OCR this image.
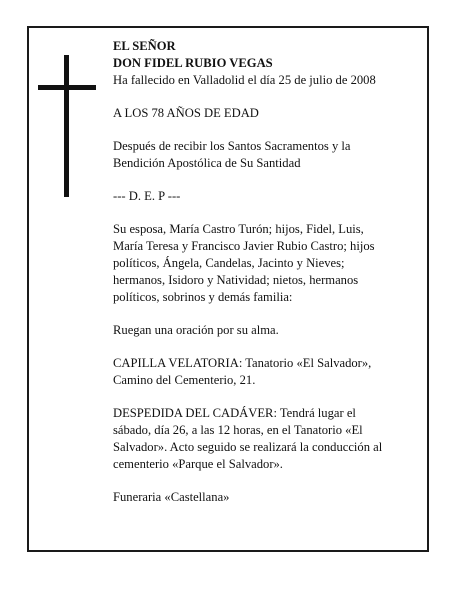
EL SEÑOR

DON FIDEL RUBIO VEGAS

Ha fallecido en Valladolid el día 25 de julio de 2008

A LOS 78 AÑOS DE EDAD

Después de recibir los Santos Sacramentos y la

Bendición Apostólica de Su Santidad

--- D. E. P ---

Su esposa, María Castro Turón; hijos, Fidel, Luis,

María Teresa y Francisco Javier Rubio Castro; hijos

políticos, Ángela, Candelas, Jacinto y Nieves;

hermanos, Isidoro y Natividad; nietos, hermanos

políticos, sobrinos y demás familia:

Ruegan una oración por su alma.

CAPILLA VELATORIA: Tanatorio «El Salvador»,

Camino del Cementerio, 21.

DESPEDIDA DEL CADÁVER: Tendrá lugar el

sábado, día 26, a las 12 horas, en el Tanatorio «El

Salvador». Acto seguido se realizará la conducción al

cementerio «Parque el Salvador».

Funeraria «Castellana»
